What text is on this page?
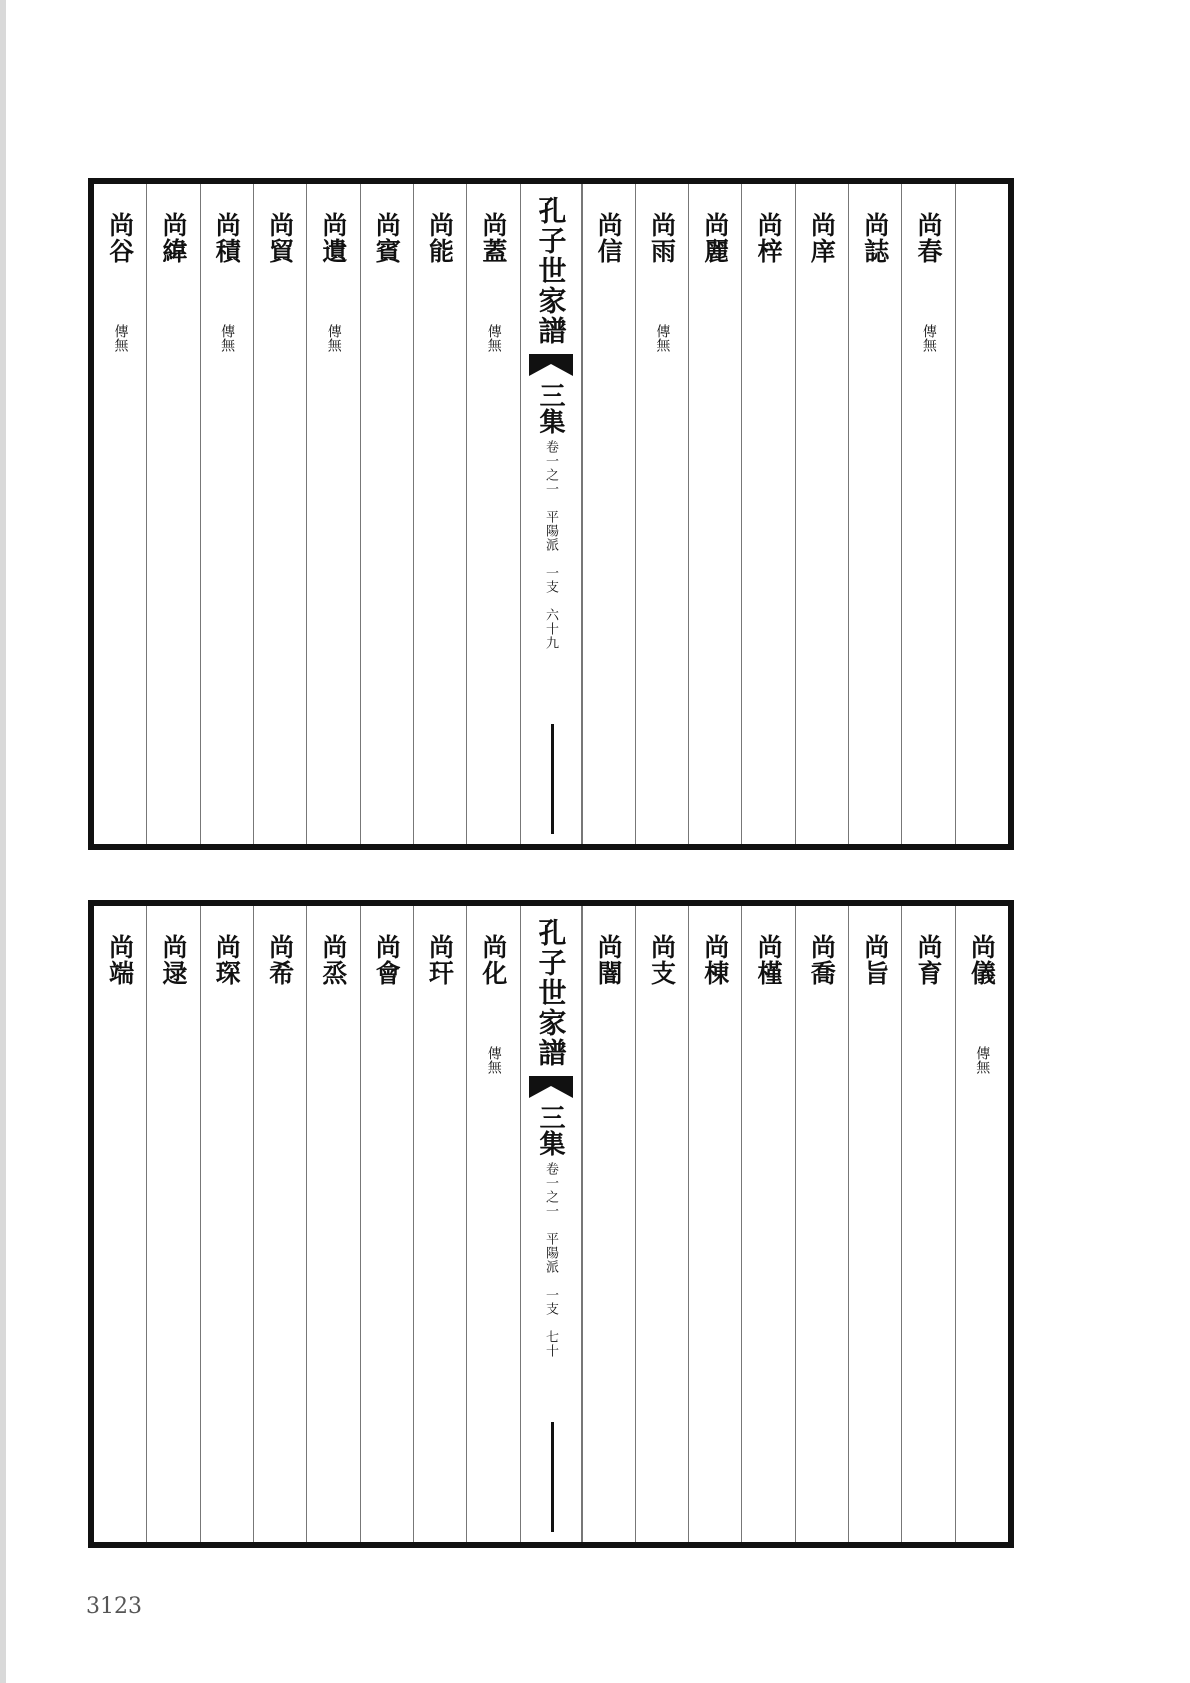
尚春
傳無
尚誌
尚庠
尚梓
尚麗
尚雨
傳無
尚信
孔子世家譜
三集
卷一之一　平陽派　一支　六十九
尚蓋
傳無
尚能
尚賓
尚遺
傳無
尚貿
尚積
傳無
尚緯
尚谷
傳無
尚儀
傳無
尚育
尚旨
尚喬
尚槿
尚棟
尚支
尚闇
孔子世家譜
三集
卷一之一　平陽派　一支　七十
尚化
傳無
尚玕
尚會
尚烝
尚希
尚琛
尚逯
尚端
3123
